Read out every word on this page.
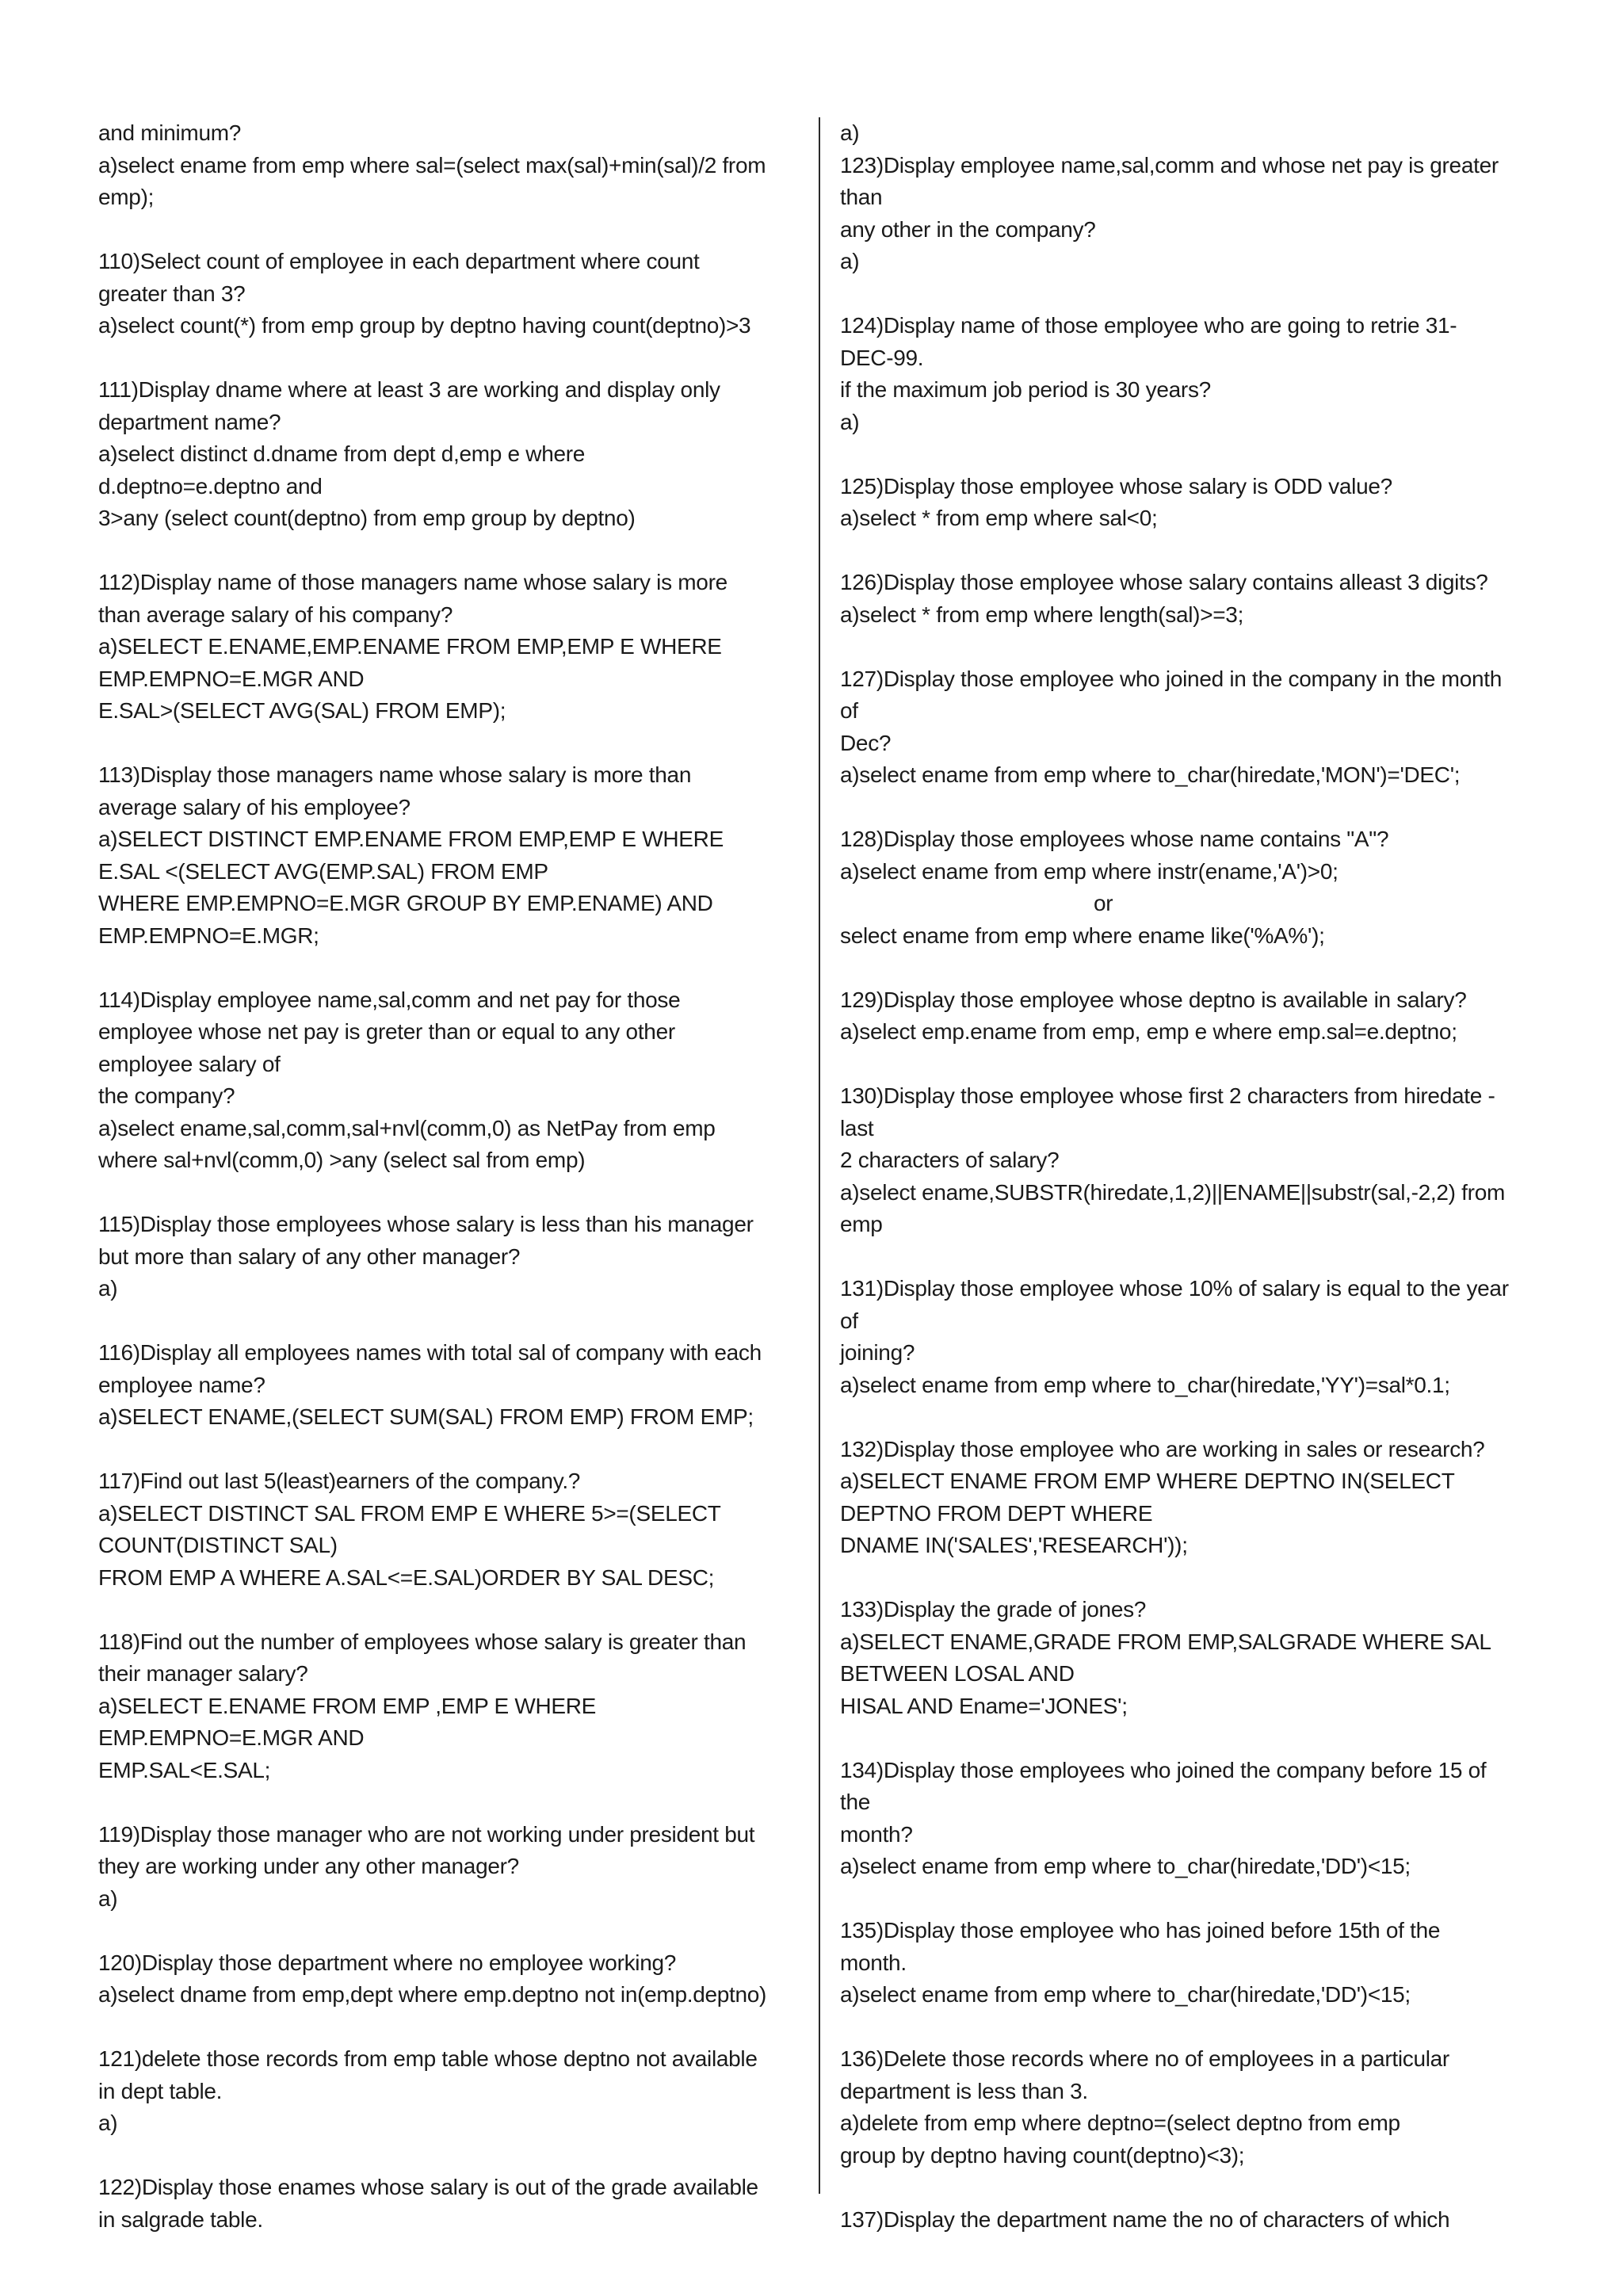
and minimum?
a)select ename from emp where sal=(select max(sal)+min(sal)/2 from
emp);
110)Select count of employee in each department where count
greater than 3?
a)select count(*) from emp group by deptno having count(deptno)>3
111)Display dname where at least 3 are working and display only
department name?
a)select distinct d.dname from dept d,emp e where
d.deptno=e.deptno and
3>any (select count(deptno) from emp group by deptno)
112)Display name of those managers name whose salary is more
than average salary of his company?
a)SELECT E.ENAME,EMP.ENAME FROM EMP,EMP E WHERE
EMP.EMPNO=E.MGR AND
E.SAL>(SELECT AVG(SAL) FROM EMP);
113)Display those managers name whose salary is more than
average salary of his employee?
a)SELECT DISTINCT EMP.ENAME FROM EMP,EMP E WHERE
E.SAL <(SELECT AVG(EMP.SAL) FROM EMP
WHERE EMP.EMPNO=E.MGR GROUP BY EMP.ENAME) AND
EMP.EMPNO=E.MGR;
114)Display employee name,sal,comm and net pay for those
employee whose net pay is greter than or equal to any other
employee salary of
the company?
a)select ename,sal,comm,sal+nvl(comm,0) as NetPay from emp
where sal+nvl(comm,0) >any (select sal from emp)
115)Display those employees whose salary is less than his manager
but more than salary of any other manager?
a)
116)Display all employees names with total sal of company with each
employee name?
a)SELECT ENAME,(SELECT SUM(SAL) FROM EMP) FROM EMP;
117)Find out last 5(least)earners of the company.?
a)SELECT DISTINCT SAL FROM EMP E WHERE 5>=(SELECT
COUNT(DISTINCT SAL)
FROM EMP A WHERE A.SAL<=E.SAL)ORDER BY SAL DESC;
118)Find out the number of employees whose salary is greater than
their manager salary?
a)SELECT E.ENAME FROM EMP ,EMP E WHERE
EMP.EMPNO=E.MGR AND
EMP.SAL<E.SAL;
119)Display those manager who are not working under president but
they are working under any other manager?
a)
120)Display those department where no employee working?
a)select dname from emp,dept where emp.deptno not in(emp.deptno)
121)delete those records from emp table whose deptno not available
in dept table.
a)
122)Display those enames whose salary is out of the grade available
in salgrade table.
a)
123)Display employee name,sal,comm and whose net pay is greater
than
any other in the company?
a)
124)Display name of those employee who are going to retrie 31-
DEC-99.
if the maximum job period is 30 years?
a)
125)Display those employee whose salary is ODD value?
a)select * from emp where sal<0;
126)Display those employee whose salary contains alleast 3 digits?
a)select * from emp where length(sal)>=3;
127)Display those employee who joined in the company in the month
of
Dec?
a)select ename from emp where to_char(hiredate,'MON')='DEC';
128)Display those employees whose name contains "A"?
a)select ename from emp where instr(ename,'A')>0;
or
select ename from emp where ename like('%A%');
129)Display those employee whose deptno is available in salary?
a)select emp.ename from emp, emp e where emp.sal=e.deptno;
130)Display those employee whose first 2 characters from hiredate -
last
2 characters of salary?
a)select ename,SUBSTR(hiredate,1,2)||ENAME||substr(sal,-2,2) from
emp
131)Display those employee whose 10% of salary is equal to the year
of
joining?
a)select ename from emp where to_char(hiredate,'YY')=sal*0.1;
132)Display those employee who are working in sales or research?
a)SELECT ENAME FROM EMP WHERE DEPTNO IN(SELECT
DEPTNO FROM DEPT WHERE
DNAME IN('SALES','RESEARCH'));
133)Display the grade of jones?
a)SELECT ENAME,GRADE FROM EMP,SALGRADE WHERE SAL
BETWEEN LOSAL AND
HISAL AND Ename='JONES';
134)Display those employees who joined the company before 15 of
the
month?
a)select ename from emp where to_char(hiredate,'DD')<15;
135)Display those employee who has joined before 15th of the
month.
a)select ename from emp where to_char(hiredate,'DD')<15;
136)Delete those records where no of employees in a particular
department is less than 3.
a)delete from emp where deptno=(select deptno from emp
group by deptno having count(deptno)<3);
137)Display the department name the no of characters of which
